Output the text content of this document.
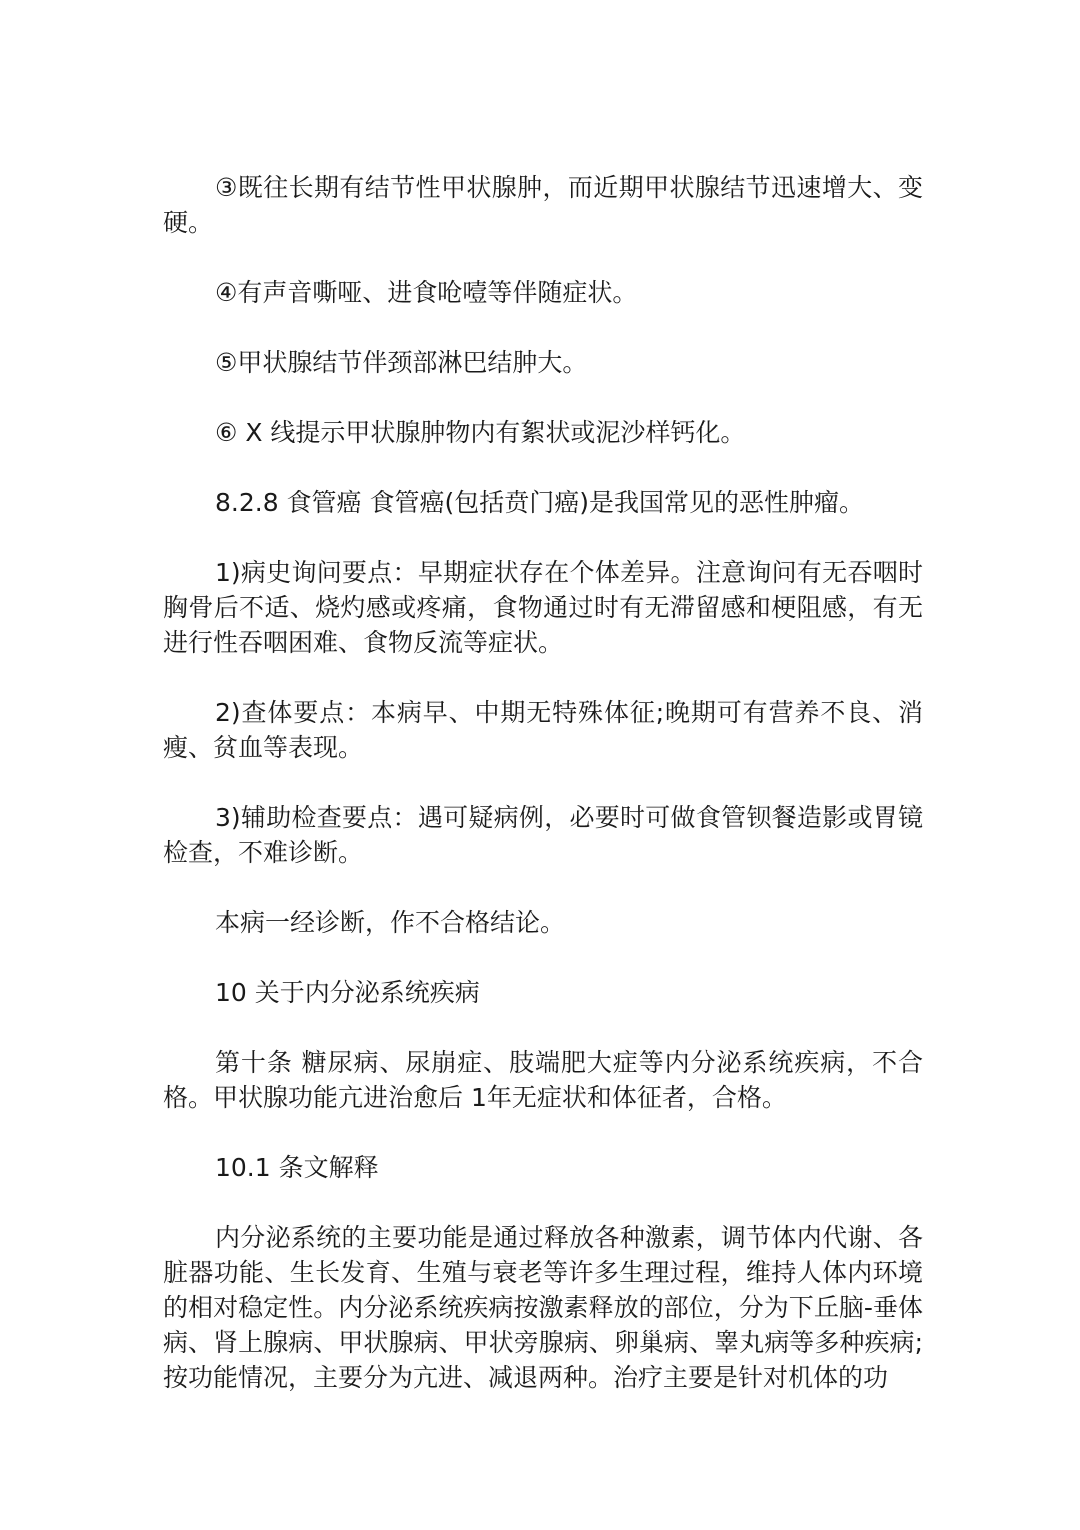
③既往长期有结节性甲状腺肿，而近期甲状腺结节迅速增大、变硬。

④有声音嘶哑、进食呛噎等伴随症状。

⑤甲状腺结节伴颈部淋巴结肿大。

⑥ X 线提示甲状腺肿物内有絮状或泥沙样钙化。

8.2.8 食管癌 食管癌(包括贲门癌)是我国常见的恶性肿瘤。

1)病史询问要点：早期症状存在个体差异。注意询问有无吞咽时胸骨后不适、烧灼感或疼痛，食物通过时有无滞留感和梗阻感，有无进行性吞咽困难、食物反流等症状。

2)查体要点：本病早、中期无特殊体征;晚期可有营养不良、消瘦、贫血等表现。

3)辅助检查要点：遇可疑病例，必要时可做食管钡餐造影或胃镜检查，不难诊断。

本病一经诊断，作不合格结论。

10 关于内分泌系统疾病

第十条 糖尿病、尿崩症、肢端肥大症等内分泌系统疾病，不合格。甲状腺功能亢进治愈后 1年无症状和体征者，合格。

10.1 条文解释

内分泌系统的主要功能是通过释放各种激素，调节体内代谢、各脏器功能、生长发育、生殖与衰老等许多生理过程，维持人体内环境的相对稳定性。内分泌系统疾病按激素释放的部位，分为下丘脑-垂体病、肾上腺病、甲状腺病、甲状旁腺病、卵巢病、睾丸病等多种疾病;按功能情况，主要分为亢进、减退两种。治疗主要是针对机体的功
